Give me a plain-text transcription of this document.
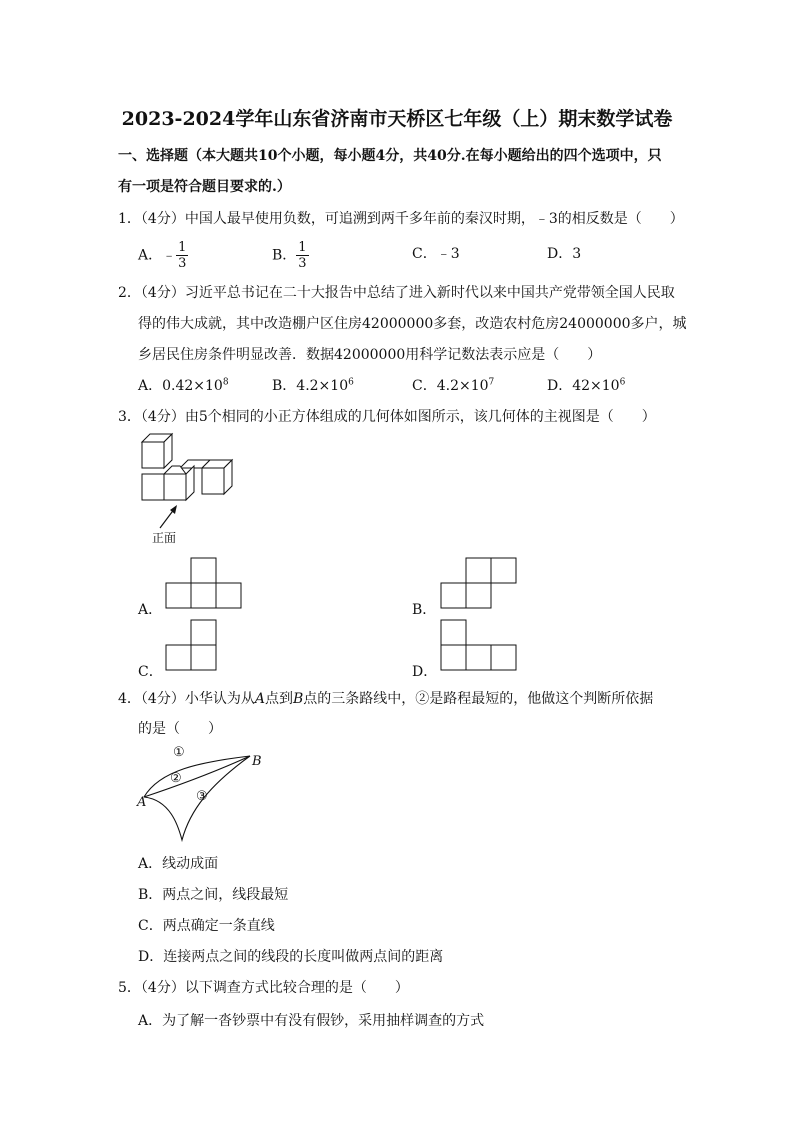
2023-2024学年山东省济南市天桥区七年级（上）期末数学试卷
一、选择题（本大题共10个小题，每小题4分，共40分.在每小题给出的四个选项中，只
有一项是符合题目要求的.）
1．（4分）中国人最早使用负数，可追溯到两千多年前的秦汉时期，﹣3的相反数是（　　）
A．﹣ $\frac{1}{3}$	B． $\frac{1}{3}$	C．﹣3	D．3
2．（4分）习近平总书记在二十大报告中总结了进入新时代以来中国共产党带领全国人民取
得的伟大成就，其中改造棚户区住房42000000多套，改造农村危房24000000多户，城
乡居民住房条件明显改善．数据42000000用科学记数法表示应是（　　）
A．$0.42\times 10^8$	B．$4.2\times 10^6$	C．$4.2\times 10^7$	D．$42\times 10^6$
3．（4分）由5个相同的小正方体组成的几何体如图所示，该几何体的主视图是（　　）
正面
A．	B．
C．	D．
4．（4分）小华认为从A点到B点的三条路线中，②是路程最短的，他做这个判断所依据
的是（　　）
A
B
①
②
③
A．线动成面
B．两点之间，线段最短
C．两点确定一条直线
D．连接两点之间的线段的长度叫做两点间的距离
5．（4分）以下调查方式比较合理的是（　　）
A．为了解一沓钞票中有没有假钞，采用抽样调查的方式
